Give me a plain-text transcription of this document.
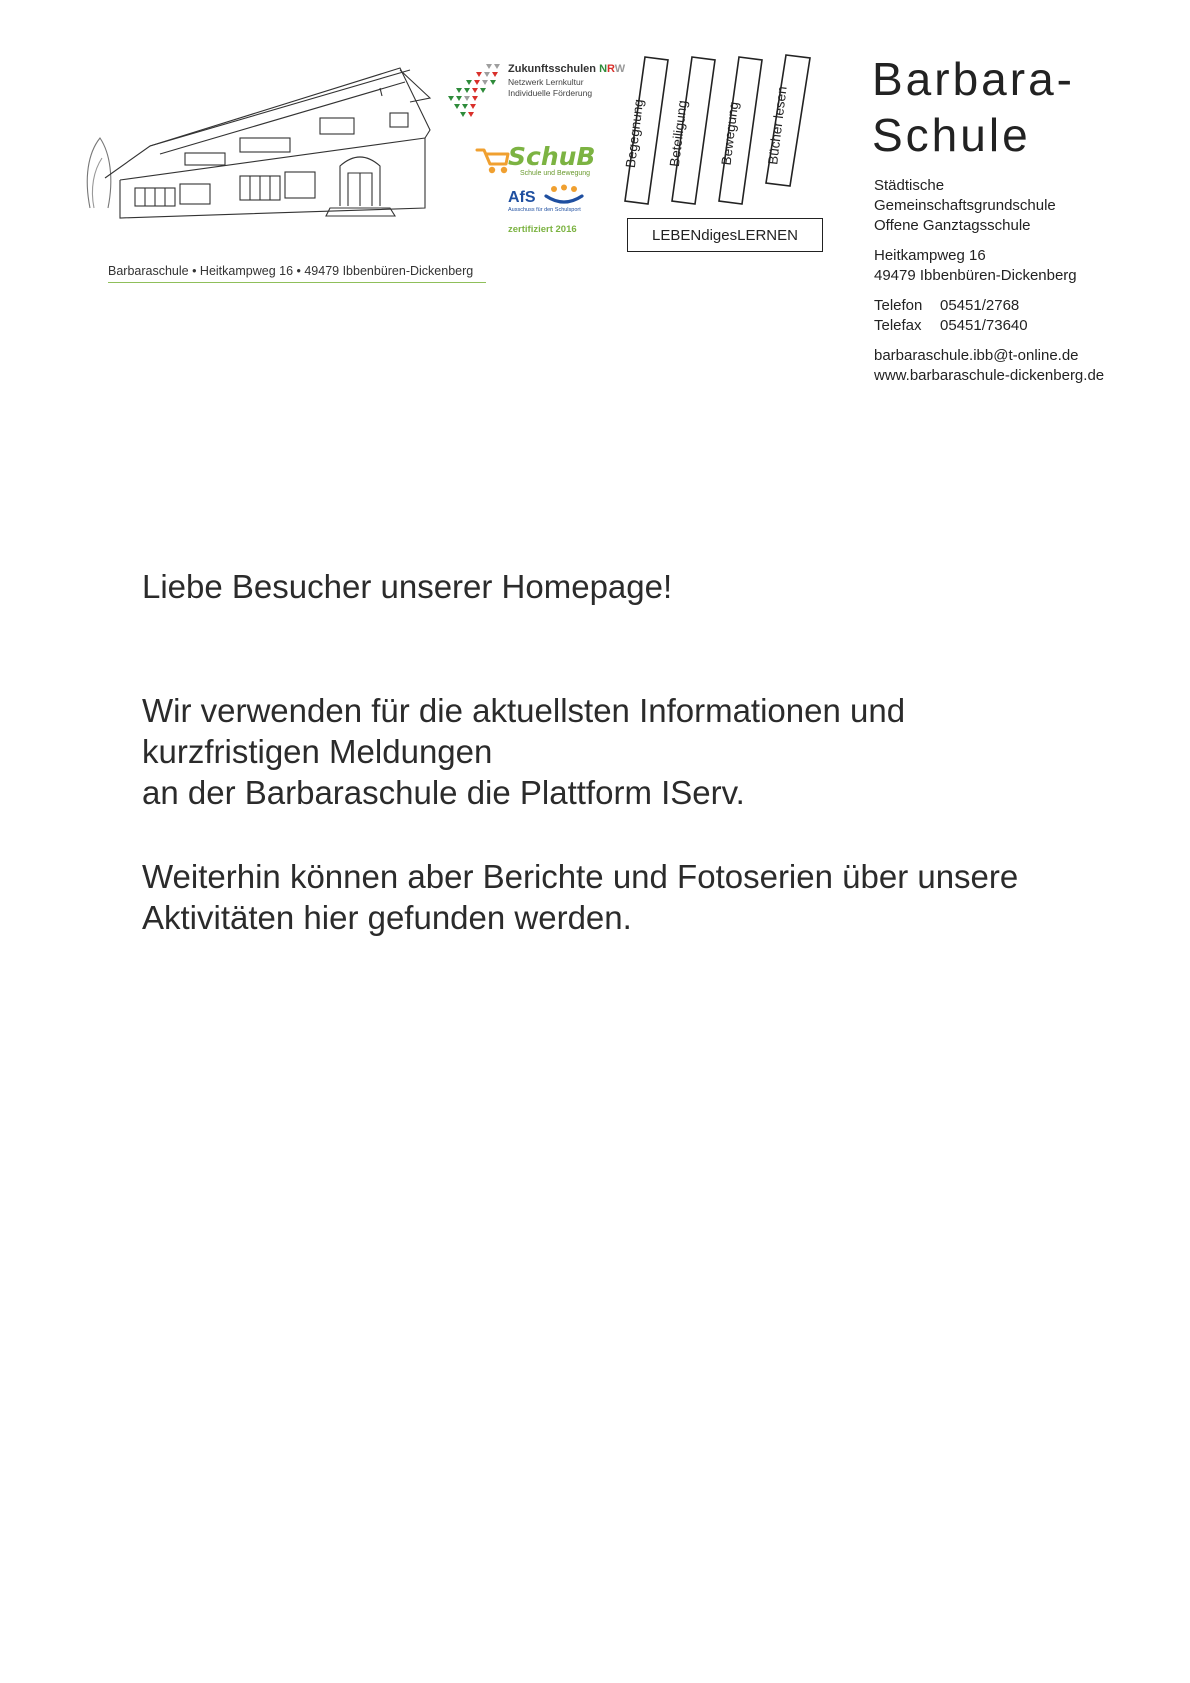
Barbaraschule • Heitkampweg 16 • 49479 Ibbenbüren-Dickenberg
Zukunftsschulen NRW
Netzwerk Lernkultur
Individuelle Förderung
SchuB
Schule und Bewegung
AfS
Ausschuss für den Schulsport
zertifiziert 2016
Begegnung Beteiligung Bewegung Bücher lesen
LEBENdigesLERNEN
Barbara-
Schule
Städtische
Gemeinschaftsgrundschule
Offene Ganztagsschule
Heitkampweg 16
49479 Ibbenbüren-Dickenberg
Telefon 05451/2768
Telefax 05451/73640
barbaraschule.ibb@t-online.de
www.barbaraschule-dickenberg.de
Liebe Besucher unserer Homepage!
Wir verwenden für die aktuellsten Informationen und
kurzfristigen Meldungen
an der Barbaraschule die Plattform IServ.
Weiterhin können aber Berichte und Fotoserien über unsere
Aktivitäten hier gefunden werden.
